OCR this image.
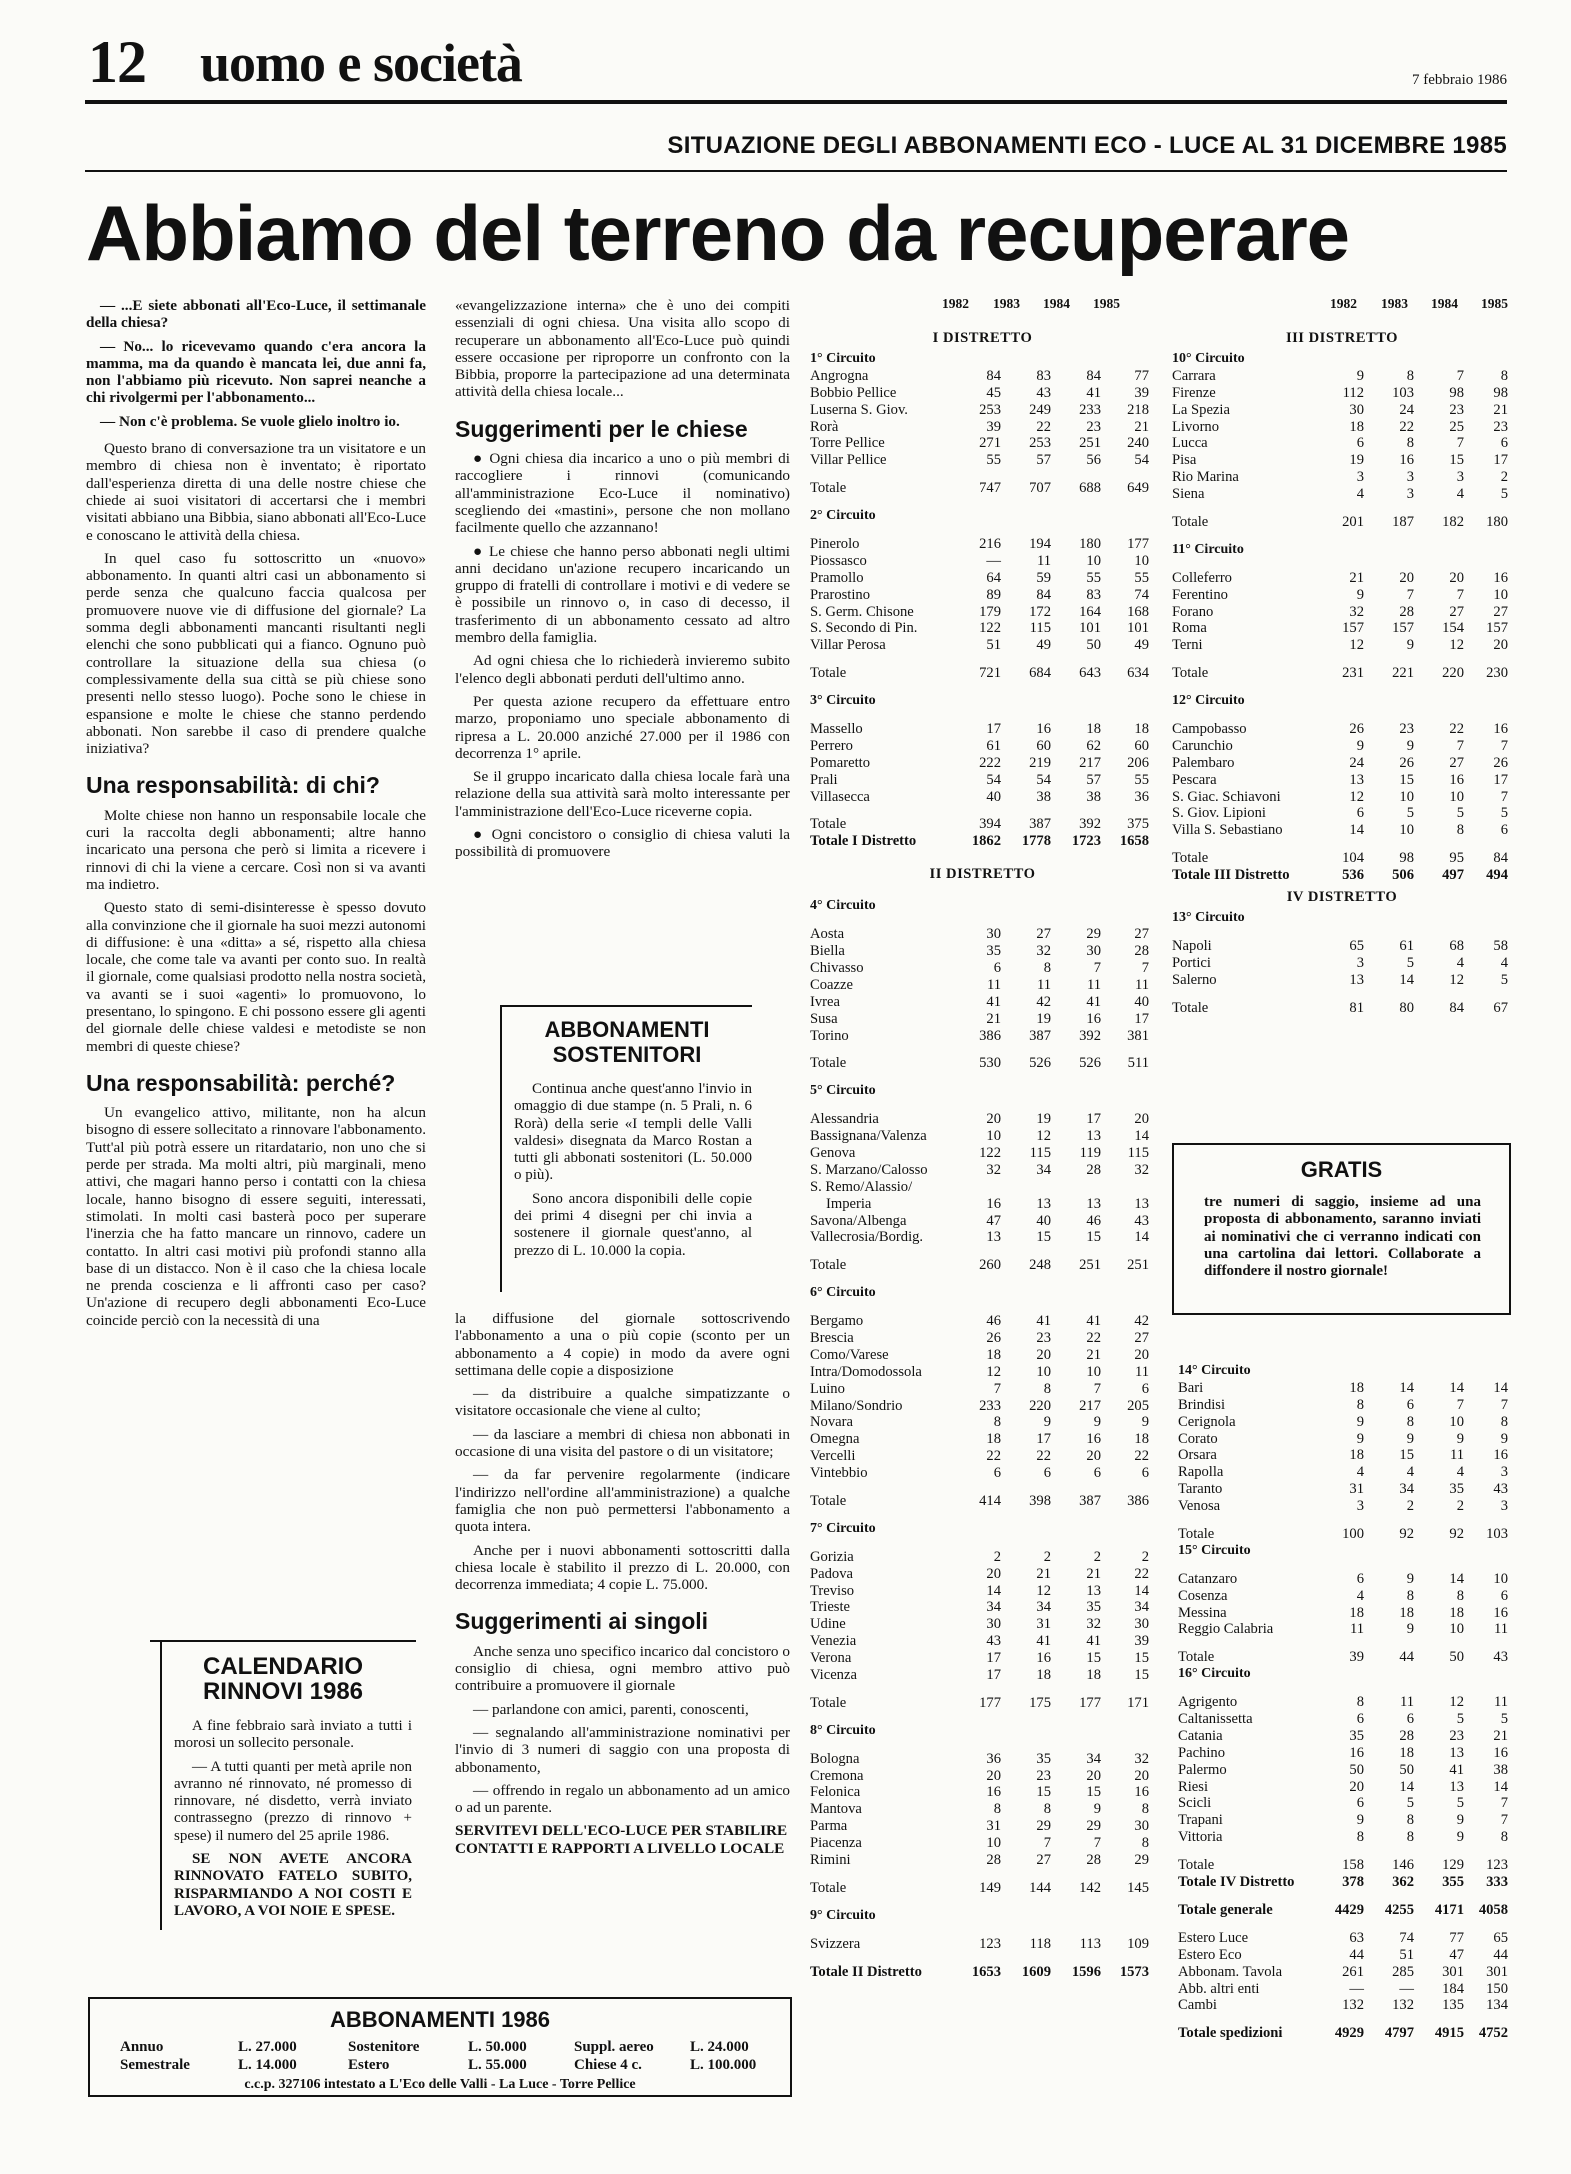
12 uomo e società	7 febbraio 1986
SITUAZIONE DEGLI ABBONAMENTI ECO - LUCE AL 31 DICEMBRE 1985
Abbiamo del terreno da recuperare

— ...E siete abbonati all'Eco-Luce, il settimanale della chiesa?

— No... lo ricevevamo quando c'era ancora la mamma, ma da quando è mancata lei, due anni fa, non l'abbiamo più ricevuto. Non saprei neanche a chi rivolgermi per l'abbonamento...

— Non c'è problema. Se vuole glielo inoltro io.

Questo brano di conversazione tra un visitatore e un membro di chiesa non è inventato; è riportato dall'esperienza diretta di una delle nostre chiese che chiede ai suoi visitatori di accertarsi che i membri visitati abbiano una Bibbia, siano abbonati all'Eco-Luce e conoscano le attività della chiesa.

In quel caso fu sottoscritto un «nuovo» abbonamento. In quanti altri casi un abbonamento si perde senza che qualcuno faccia qualcosa per promuovere nuove vie di diffusione del giornale? La somma degli abbonamenti mancanti risultanti negli elenchi che sono pubblicati qui a fianco. Ognuno può controllare la situazione della sua chiesa (o complessivamente della sua città se più chiese sono presenti nello stesso luogo). Poche sono le chiese in espansione e molte le chiese che stanno perdendo abbonati. Non sarebbe il caso di prendere qualche iniziativa?

Una responsabilità: di chi?

Molte chiese non hanno un responsabile locale che curi la raccolta degli abbonamenti; altre hanno incaricato una persona che però si limita a ricevere i rinnovi di chi la viene a cercare. Così non si va avanti ma indietro.

Questo stato di semi-disinteresse è spesso dovuto alla convinzione che il giornale ha suoi mezzi autonomi di diffusione: è una «ditta» a sé, rispetto alla chiesa locale, che come tale va avanti per conto suo. In realtà il giornale, come qualsiasi prodotto nella nostra società, va avanti se i suoi «agenti» lo promuovono, lo presentano, lo spingono. E chi possono essere gli agenti del giornale delle chiese valdesi e metodiste se non membri di queste chiese?

Una responsabilità: perché?

Un evangelico attivo, militante, non ha alcun bisogno di essere sollecitato a rinnovare l'abbonamento. Tutt'al più potrà essere un ritardatario, non uno che si perde per strada. Ma molti altri, più marginali, meno attivi, che magari hanno perso i contatti con la chiesa locale, hanno bisogno di essere seguiti, interessati, stimolati. In molti casi basterà poco per superare l'inerzia che ha fatto mancare un rinnovo, cadere un contatto. In altri casi motivi più profondi stanno alla base di un distacco. Non è il caso che la chiesa locale ne prenda coscienza e li affronti caso per caso? Un'azione di recupero degli abbonamenti Eco-Luce coincide perciò con la necessità di una

CALENDARIO
RINNOVI 1986

A fine febbraio sarà inviato a tutti i morosi un sollecito personale.

— A tutti quanti per metà aprile non avranno né rinnovato, né promesso di rinnovare, né disdetto, verrà inviato contrassegno (prezzo di rinnovo + spese) il numero del 25 aprile 1986.

SE NON AVETE ANCORA RINNOVATO FATELO SUBITO, RISPARMIANDO A NOI COSTI E LAVORO, A VOI NOIE E SPESE.

«evangelizzazione interna» che è uno dei compiti essenziali di ogni chiesa. Una visita allo scopo di recuperare un abbonamento all'Eco-Luce può quindi essere occasione per riproporre un confronto con la Bibbia, proporre la partecipazione ad una determinata attività della chiesa locale...

Suggerimenti per le chiese

● Ogni chiesa dia incarico a uno o più membri di raccogliere i rinnovi (comunicando all'amministrazione Eco-Luce il nominativo) scegliendo dei «mastini», persone che non mollano facilmente quello che azzannano!

● Le chiese che hanno perso abbonati negli ultimi anni decidano un'azione recupero incaricando un gruppo di fratelli di controllare i motivi e di vedere se è possibile un rinnovo o, in caso di decesso, il trasferimento di un abbonamento cessato ad altro membro della famiglia.

Ad ogni chiesa che lo richiederà invieremo subito l'elenco degli abbonati perduti dell'ultimo anno.

Per questa azione recupero da effettuare entro marzo, proponiamo uno speciale abbonamento di ripresa a L. 20.000 anziché 27.000 per il 1986 con decorrenza 1° aprile.

Se il gruppo incaricato dalla chiesa locale farà una relazione della sua attività sarà molto interessante per l'amministrazione dell'Eco-Luce riceverne copia.

● Ogni concistoro o consiglio di chiesa valuti la possibilità di promuovere

ABBONAMENTI
SOSTENITORI

Continua anche quest'anno l'invio in omaggio di due stampe (n. 5 Prali, n. 6 Rorà) della serie «I templi delle Valli valdesi» disegnata da Marco Rostan a tutti gli abbonati sostenitori (L. 50.000 o più).

Sono ancora disponibili delle copie dei primi 4 disegni per chi invia a sostenere il giornale quest'anno, al prezzo di L. 10.000 la copia.

la diffusione del giornale sottoscrivendo l'abbonamento a una o più copie (sconto per un abbonamento a 4 copie) in modo da avere ogni settimana delle copie a disposizione

— da distribuire a qualche simpatizzante o visitatore occasionale che viene al culto;

— da lasciare a membri di chiesa non abbonati in occasione di una visita del pastore o di un visitatore;

— da far pervenire regolarmente (indicare l'indirizzo nell'ordine all'amministrazione) a qualche famiglia che non può permettersi l'abbonamento a quota intera.

Anche per i nuovi abbonamenti sottoscritti dalla chiesa locale è stabilito il prezzo di L. 20.000, con decorrenza immediata; 4 copie L. 75.000.

Suggerimenti ai singoli

Anche senza uno specifico incarico dal concistoro o consiglio di chiesa, ogni membro attivo può contribuire a promuovere il giornale

— parlandone con amici, parenti, conoscenti,

— segnalando all'amministrazione nominativi per l'invio di 3 numeri di saggio con una proposta di abbonamento,

— offrendo in regalo un abbonamento ad un amico o ad un parente.

SERVITEVI DELL'ECO-LUCE PER STABILIRE CONTATTI E RAPPORTI A LIVELLO LOCALE

ABBONAMENTI 1986
Annuo	L. 27.000	Sostenitore	L. 50.000	Suppl. aereo L. 24.000
Semestrale	L. 14.000	Estero	L. 55.000	Chiese 4 c.	L. 100.000
c.c.p. 327106 intestato a L'Eco delle Valli - La Luce - Torre Pellice
1982 1983 1984 1985	1982 1983 1984 1985
I DISTRETTO
1° Circuito
Angrogna	84	83	84	77
Bobbio Pellice	45	43	41	39
Luserna S. Giov.	253	249	233	218
Rorà	39	22	23	21
Torre Pellice	271	253	251	240
Villar Pellice	55	57	56	54
Totale	747	707	688	649
2° Circuito
Pinerolo	216	194	180	177
Piossasco	—	11	10	10
Pramollo	64	59	55	55
Prarostino	89	84	83	74
S. Germ. Chisone	179	172	164	168
S. Secondo di Pin.	122	115	101	101
Villar Perosa	51	49	50	49
Totale	721	684	643	634
3° Circuito
Massello	17	16	18	18
Perrero	61	60	62	60
Pomaretto	222	219	217	206
Prali	54	54	57	55
Villasecca	40	38	38	36
Totale	394	387	392	375
Totale I Distretto	1862	1778	1723	1658
II DISTRETTO
4° Circuito
Aosta	30	27	29	27
Biella	35	32	30	28
Chivasso	6	8	7	7
Coazze	11	11	11	11
Ivrea	41	42	41	40
Susa	21	19	16	17
Torino	386	387	392	381
Totale	530	526	526	511
5° Circuito
Alessandria	20	19	17	20
Bassignana/Valenza	10	12	13	14
Genova	122	115	119	115
S. Marzano/Calosso	32	34	28	32
S. Remo/Alassio/
Imperia	16	13	13	13
Savona/Albenga	47	40	46	43
Vallecrosia/Bordig.	13	15	15	14
Totale	260	248	251	251
6° Circuito
Bergamo	46	41	41	42
Brescia	26	23	22	27
Como/Varese	18	20	21	20
Intra/Domodossola	12	10	10	11
Luino	7	8	7	6
Milano/Sondrio	233	220	217	205
Novara	8	9	9	9
Omegna	18	17	16	18
Vercelli	22	22	20	22
Vintebbio	6	6	6	6
Totale	414	398	387	386
7° Circuito
Gorizia	2	2	2	2
Padova	20	21	21	22
Treviso	14	12	13	14
Trieste	34	34	35	34
Udine	30	31	32	30
Venezia	43	41	41	39
Verona	17	16	15	15
Vicenza	17	18	18	15
Totale	177	175	177	171
8° Circuito
Bologna	36	35	34	32
Cremona	20	23	20	20
Felonica	16	15	15	16
Mantova	8	8	9	8
Parma	31	29	29	30
Piacenza	10	7	7	8
Rimini	28	27	28	29
Totale	149	144	142	145
9° Circuito
Svizzera	123	118	113	109
Totale II Distretto	1653	1609	1596	1573
III DISTRETTO
10° Circuito
Carrara	9	8	7	8
Firenze	112	103	98	98
La Spezia	30	24	23	21
Livorno	18	22	25	23
Lucca	6	8	7	6
Pisa	19	16	15	17
Rio Marina	3	3	3	2
Siena	4	3	4	5
Totale	201	187	182	180
11° Circuito
Colleferro	21	20	20	16
Ferentino	9	7	7	10
Forano	32	28	27	27
Roma	157	157	154	157
Terni	12	9	12	20
Totale	231	221	220	230
12° Circuito
Campobasso	26	23	22	16
Carunchio	9	9	7	7
Palembaro	24	26	27	26
Pescara	13	15	16	17
S. Giac. Schiavoni	12	10	10	7
S. Giov. Lipioni	6	5	5	5
Villa S. Sebastiano	14	10	8	6
Totale	104	98	95	84
Totale III Distretto	536	506	497	494
IV DISTRETTO
13° Circuito
Napoli	65	61	68	58
Portici	3	5	4	4
Salerno	13	14	12	5
Totale	81	80	84	67
14° Circuito
Bari	18	14	14	14
Brindisi	8	6	7	7
Cerignola	9	8	10	8
Corato	9	9	9	9
Orsara	18	15	11	16
Rapolla	4	4	4	3
Taranto	31	34	35	43
Venosa	3	2	2	3
Totale	100	92	92	103
15° Circuito
Catanzaro	6	9	14	10
Cosenza	4	8	8	6
Messina	18	18	18	16
Reggio Calabria	11	9	10	11
Totale	39	44	50	43
16° Circuito
Agrigento	8	11	12	11
Caltanissetta	6	6	5	5
Catania	35	28	23	21
Pachino	16	18	13	16
Palermo	50	50	41	38
Riesi	20	14	13	14
Scicli	6	5	5	7
Trapani	9	8	9	7
Vittoria	8	8	9	8
Totale	158	146	129	123
Totale IV Distretto	378	362	355	333
Totale generale	4429	4255	4171	4058
Estero Luce	63	74	77	65
Estero Eco	44	51	47	44
Abbonam. Tavola	261	285	301	301
Abb. altri enti	—	—	184	150
Cambi	132	132	135	134
Totale spedizioni	4929	4797	4915	4752
GRATIS

tre numeri di saggio, insieme ad una proposta di abbonamento, saranno inviati ai nominativi che ci verranno indicati con una cartolina dai lettori. Collaborate a diffondere il nostro giornale!
